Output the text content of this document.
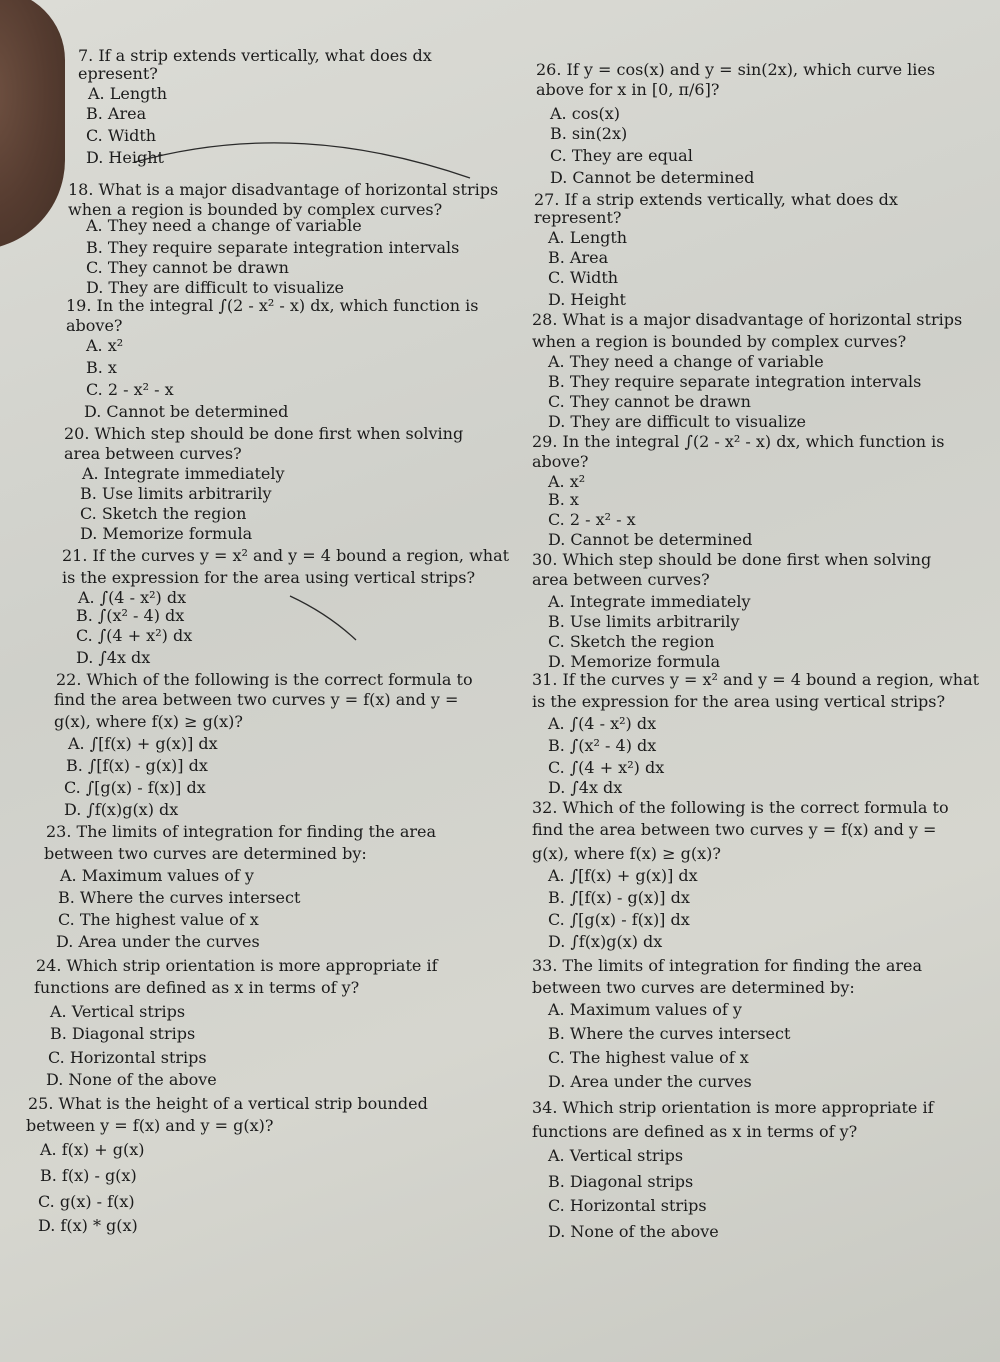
7. If a strip extends vertically, what does dx
epresent?
A. Length
B. Area
C. Width
D. Height
18. What is a major disadvantage of horizontal strips
when a region is bounded by complex curves?
A. They need a change of variable
B. They require separate integration intervals
C. They cannot be drawn
D. They are difficult to visualize
19. In the integral ∫(2 - x² - x) dx, which function is
above?
A. x²
B. x
C. 2 - x² - x
D. Cannot be determined
20. Which step should be done first when solving
area between curves?
A. Integrate immediately
B. Use limits arbitrarily
C. Sketch the region
D. Memorize formula
21. If the curves y = x² and y = 4 bound a region, what
is the expression for the area using vertical strips?
A. ∫(4 - x²) dx
B. ∫(x² - 4) dx
C. ∫(4 + x²) dx
D. ∫4x dx
22. Which of the following is the correct formula to
find the area between two curves y = f(x) and y =
g(x), where f(x) ≥ g(x)?
A. ∫[f(x) + g(x)] dx
B. ∫[f(x) - g(x)] dx
C. ∫[g(x) - f(x)] dx
D. ∫f(x)g(x) dx
23. The limits of integration for finding the area
between two curves are determined by:
A. Maximum values of y
B. Where the curves intersect
C. The highest value of x
D. Area under the curves
24. Which strip orientation is more appropriate if
functions are defined as x in terms of y?
A. Vertical strips
B. Diagonal strips
C. Horizontal strips
D. None of the above
25. What is the height of a vertical strip bounded
between y = f(x) and y = g(x)?
A. f(x) + g(x)
B. f(x) - g(x)
C. g(x) - f(x)
D. f(x) * g(x)
26. If y = cos(x) and y = sin(2x), which curve lies
above for x in [0, π/6]?
A. cos(x)
B. sin(2x)
C. They are equal
D. Cannot be determined
27. If a strip extends vertically, what does dx
represent?
A. Length
B. Area
C. Width
D. Height
28. What is a major disadvantage of horizontal strips
when a region is bounded by complex curves?
A. They need a change of variable
B. They require separate integration intervals
C. They cannot be drawn
D. They are difficult to visualize
29. In the integral ∫(2 - x² - x) dx, which function is
above?
A. x²
B. x
C. 2 - x² - x
D. Cannot be determined
30. Which step should be done first when solving
area between curves?
A. Integrate immediately
B. Use limits arbitrarily
C. Sketch the region
D. Memorize formula
31. If the curves y = x² and y = 4 bound a region, what
is the expression for the area using vertical strips?
A. ∫(4 - x²) dx
B. ∫(x² - 4) dx
C. ∫(4 + x²) dx
D. ∫4x dx
32. Which of the following is the correct formula to
find the area between two curves y = f(x) and y =
g(x), where f(x) ≥ g(x)?
A. ∫[f(x) + g(x)] dx
B. ∫[f(x) - g(x)] dx
C. ∫[g(x) - f(x)] dx
D. ∫f(x)g(x) dx
33. The limits of integration for finding the area
between two curves are determined by:
A. Maximum values of y
B. Where the curves intersect
C. The highest value of x
D. Area under the curves
34. Which strip orientation is more appropriate if
functions are defined as x in terms of y?
A. Vertical strips
B. Diagonal strips
C. Horizontal strips
D. None of the above
